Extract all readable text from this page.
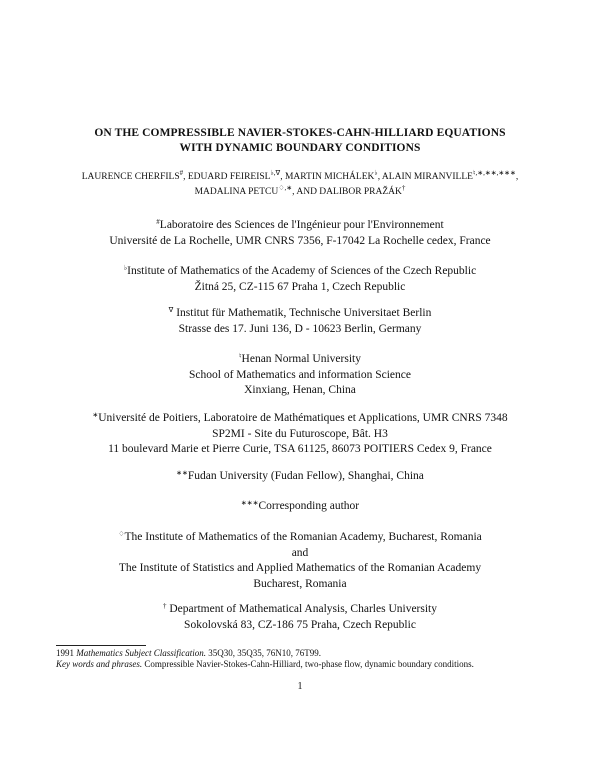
ON THE COMPRESSIBLE NAVIER-STOKES-CAHN-HILLIARD EQUATIONS
WITH DYNAMIC BOUNDARY CONDITIONS
LAURENCE CHERFILS#, EDUARD FEIREISL♭,∇, MARTIN MICHÁLEK♭, ALAIN MIRANVILLE♮,∗,∗∗,∗∗∗,
MADALINA PETCU♢,∗, AND DALIBOR PRAŽÁK†
#Laboratoire des Sciences de l'Ingénieur pour l'Environnement
Université de La Rochelle, UMR CNRS 7356, F-17042 La Rochelle cedex, France
♭Institute of Mathematics of the Academy of Sciences of the Czech Republic
Žitná 25, CZ-115 67 Praha 1, Czech Republic
∇ Institut für Mathematik, Technische Universitaet Berlin
Strasse des 17. Juni 136, D - 10623 Berlin, Germany
♮Henan Normal University
School of Mathematics and information Science
Xinxiang, Henan, China
∗Université de Poitiers, Laboratoire de Mathématiques et Applications, UMR CNRS 7348
SP2MI - Site du Futuroscope, Bât. H3
11 boulevard Marie et Pierre Curie, TSA 61125, 86073 POITIERS Cedex 9, France
∗∗Fudan University (Fudan Fellow), Shanghai, China
∗∗∗Corresponding author
♢The Institute of Mathematics of the Romanian Academy, Bucharest, Romania
and
The Institute of Statistics and Applied Mathematics of the Romanian Academy
Bucharest, Romania
† Department of Mathematical Analysis, Charles University
Sokolovská 83, CZ-186 75 Praha, Czech Republic
1991 Mathematics Subject Classification. 35Q30, 35Q35, 76N10, 76T99.
Key words and phrases. Compressible Navier-Stokes-Cahn-Hilliard, two-phase flow, dynamic boundary conditions.
1
